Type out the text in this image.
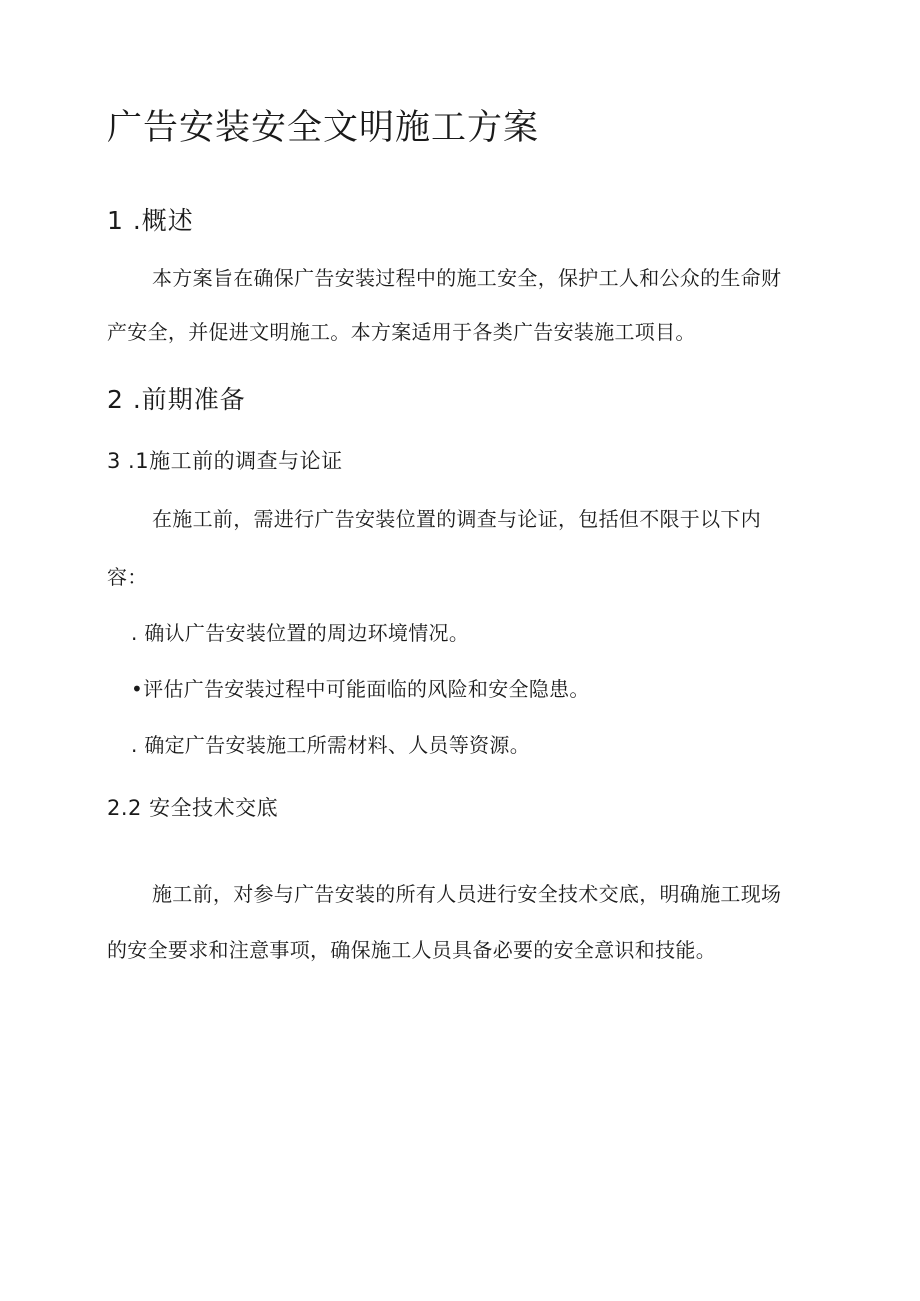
广告安装安全文明施工方案
1 .概述

本方案旨在确保广告安装过程中的施工安全，保护工人和公众的生命财

产安全，并促进文明施工。本方案适用于各类广告安装施工项目。

2 .前期准备
3 .1施工前的调查与论证

在施工前，需进行广告安装位置的调查与论证，包括但不限于以下内

容：

. 确认广告安装位置的周边环境情况。

•评估广告安装过程中可能面临的风险和安全隐患。

. 确定广告安装施工所需材料、人员等资源。

2.2 安全技术交底

施工前，对参与广告安装的所有人员进行安全技术交底，明确施工现场

的安全要求和注意事项，确保施工人员具备必要的安全意识和技能。
